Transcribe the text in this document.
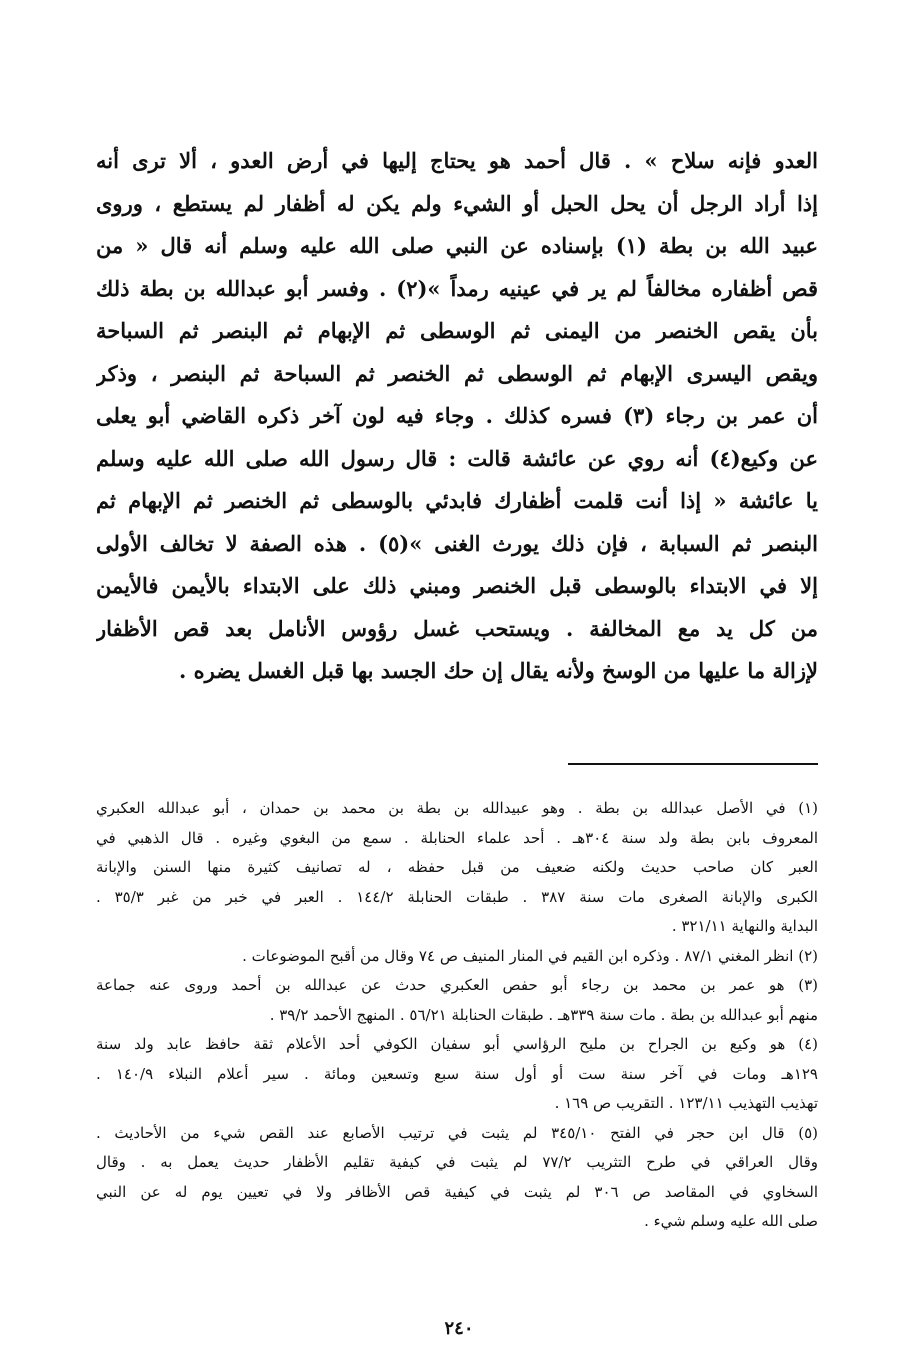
العدو فإنه سلاح » . قال أحمد هو يحتاج إليها في أرض العدو ، ألا ترى أنه
إذا أراد الرجل أن يحل الحبل أو الشيء ولم يكن له أظفار لم يستطع ، وروى
عبيد الله بن بطة (١) بإسناده عن النبي صلى الله عليه وسلم أنه قال « من
قص أظفاره مخالفاً لم ير في عينيه رمداً »(٢) . وفسر أبو عبدالله بن بطة ذلك
بأن يقص الخنصر من اليمنى ثم الوسطى ثم الإبهام ثم البنصر ثم السباحة
ويقص اليسرى الإبهام ثم الوسطى ثم الخنصر ثم السباحة ثم البنصر ، وذكر
أن عمر بن رجاء (٣) فسره كذلك . وجاء فيه لون آخر ذكره القاضي أبو يعلى
عن وكيع(٤) أنه روي عن عائشة قالت : قال رسول الله صلى الله عليه وسلم
يا عائشة « إذا أنت قلمت أظفارك فابدئي بالوسطى ثم الخنصر ثم الإبهام ثم
البنصر ثم السبابة ، فإن ذلك يورث الغنى »(٥) . هذه الصفة لا تخالف الأولى
إلا في الابتداء بالوسطى قبل الخنصر ومبني ذلك على الابتداء بالأيمن فالأيمن
من كل يد مع المخالفة . ويستحب غسل رؤوس الأنامل بعد قص الأظفار
لإزالة ما عليها من الوسخ ولأنه يقال إن حك الجسد بها قبل الغسل يضره .
(١) في الأصل عبدالله بن بطة . وهو عبيدالله بن بطة بن محمد بن حمدان ، أبو عبدالله العكبري
المعروف بابن بطة ولد سنة ٣٠٤هـ . أحد علماء الحنابلة . سمع من البغوي وغيره . قال الذهبي في
العبر كان صاحب حديث ولكنه ضعيف من قبل حفظه ، له تصانيف كثيرة منها السنن والإبانة
الكبرى والإبانة الصغرى مات سنة ٣٨٧ . طبقات الحنابلة ١٤٤/٢ . العبر في خبر من غبر ٣٥/٣ .
البداية والنهاية ٣٢١/١١ .
(٢) انظر المغني ٨٧/١ . وذكره ابن القيم في المنار المنيف ص ٧٤ وقال من أقبح الموضوعات .
(٣) هو عمر بن محمد بن رجاء أبو حفص العكبري حدث عن عبدالله بن أحمد وروى عنه جماعة
منهم أبو عبدالله بن بطة . مات سنة ٣٣٩هـ . طبقات الحنابلة ٥٦/٢١ . المنهج الأحمد ٣٩/٢ .
(٤) هو وكيع بن الجراح بن مليح الرؤاسي أبو سفيان الكوفي أحد الأعلام ثقة حافظ عابد ولد سنة
١٢٩هـ ومات في آخر سنة ست أو أول سنة سبع وتسعين ومائة . سير أعلام النبلاء ١٤٠/٩ .
تهذيب التهذيب ١٢٣/١١ . التقريب ص ١٦٩ .
(٥) قال ابن حجر في الفتح ٣٤٥/١٠ لم يثبت في ترتيب الأصابع عند القص شيء من الأحاديث .
وقال العراقي في طرح التثريب ٧٧/٢ لم يثبت في كيفية تقليم الأظفار حديث يعمل به . وقال
السخاوي في المقاصد ص ٣٠٦ لم يثبت في كيفية قص الأظافر ولا في تعيين يوم له عن النبي
صلى الله عليه وسلم شيء .
٢٤٠
